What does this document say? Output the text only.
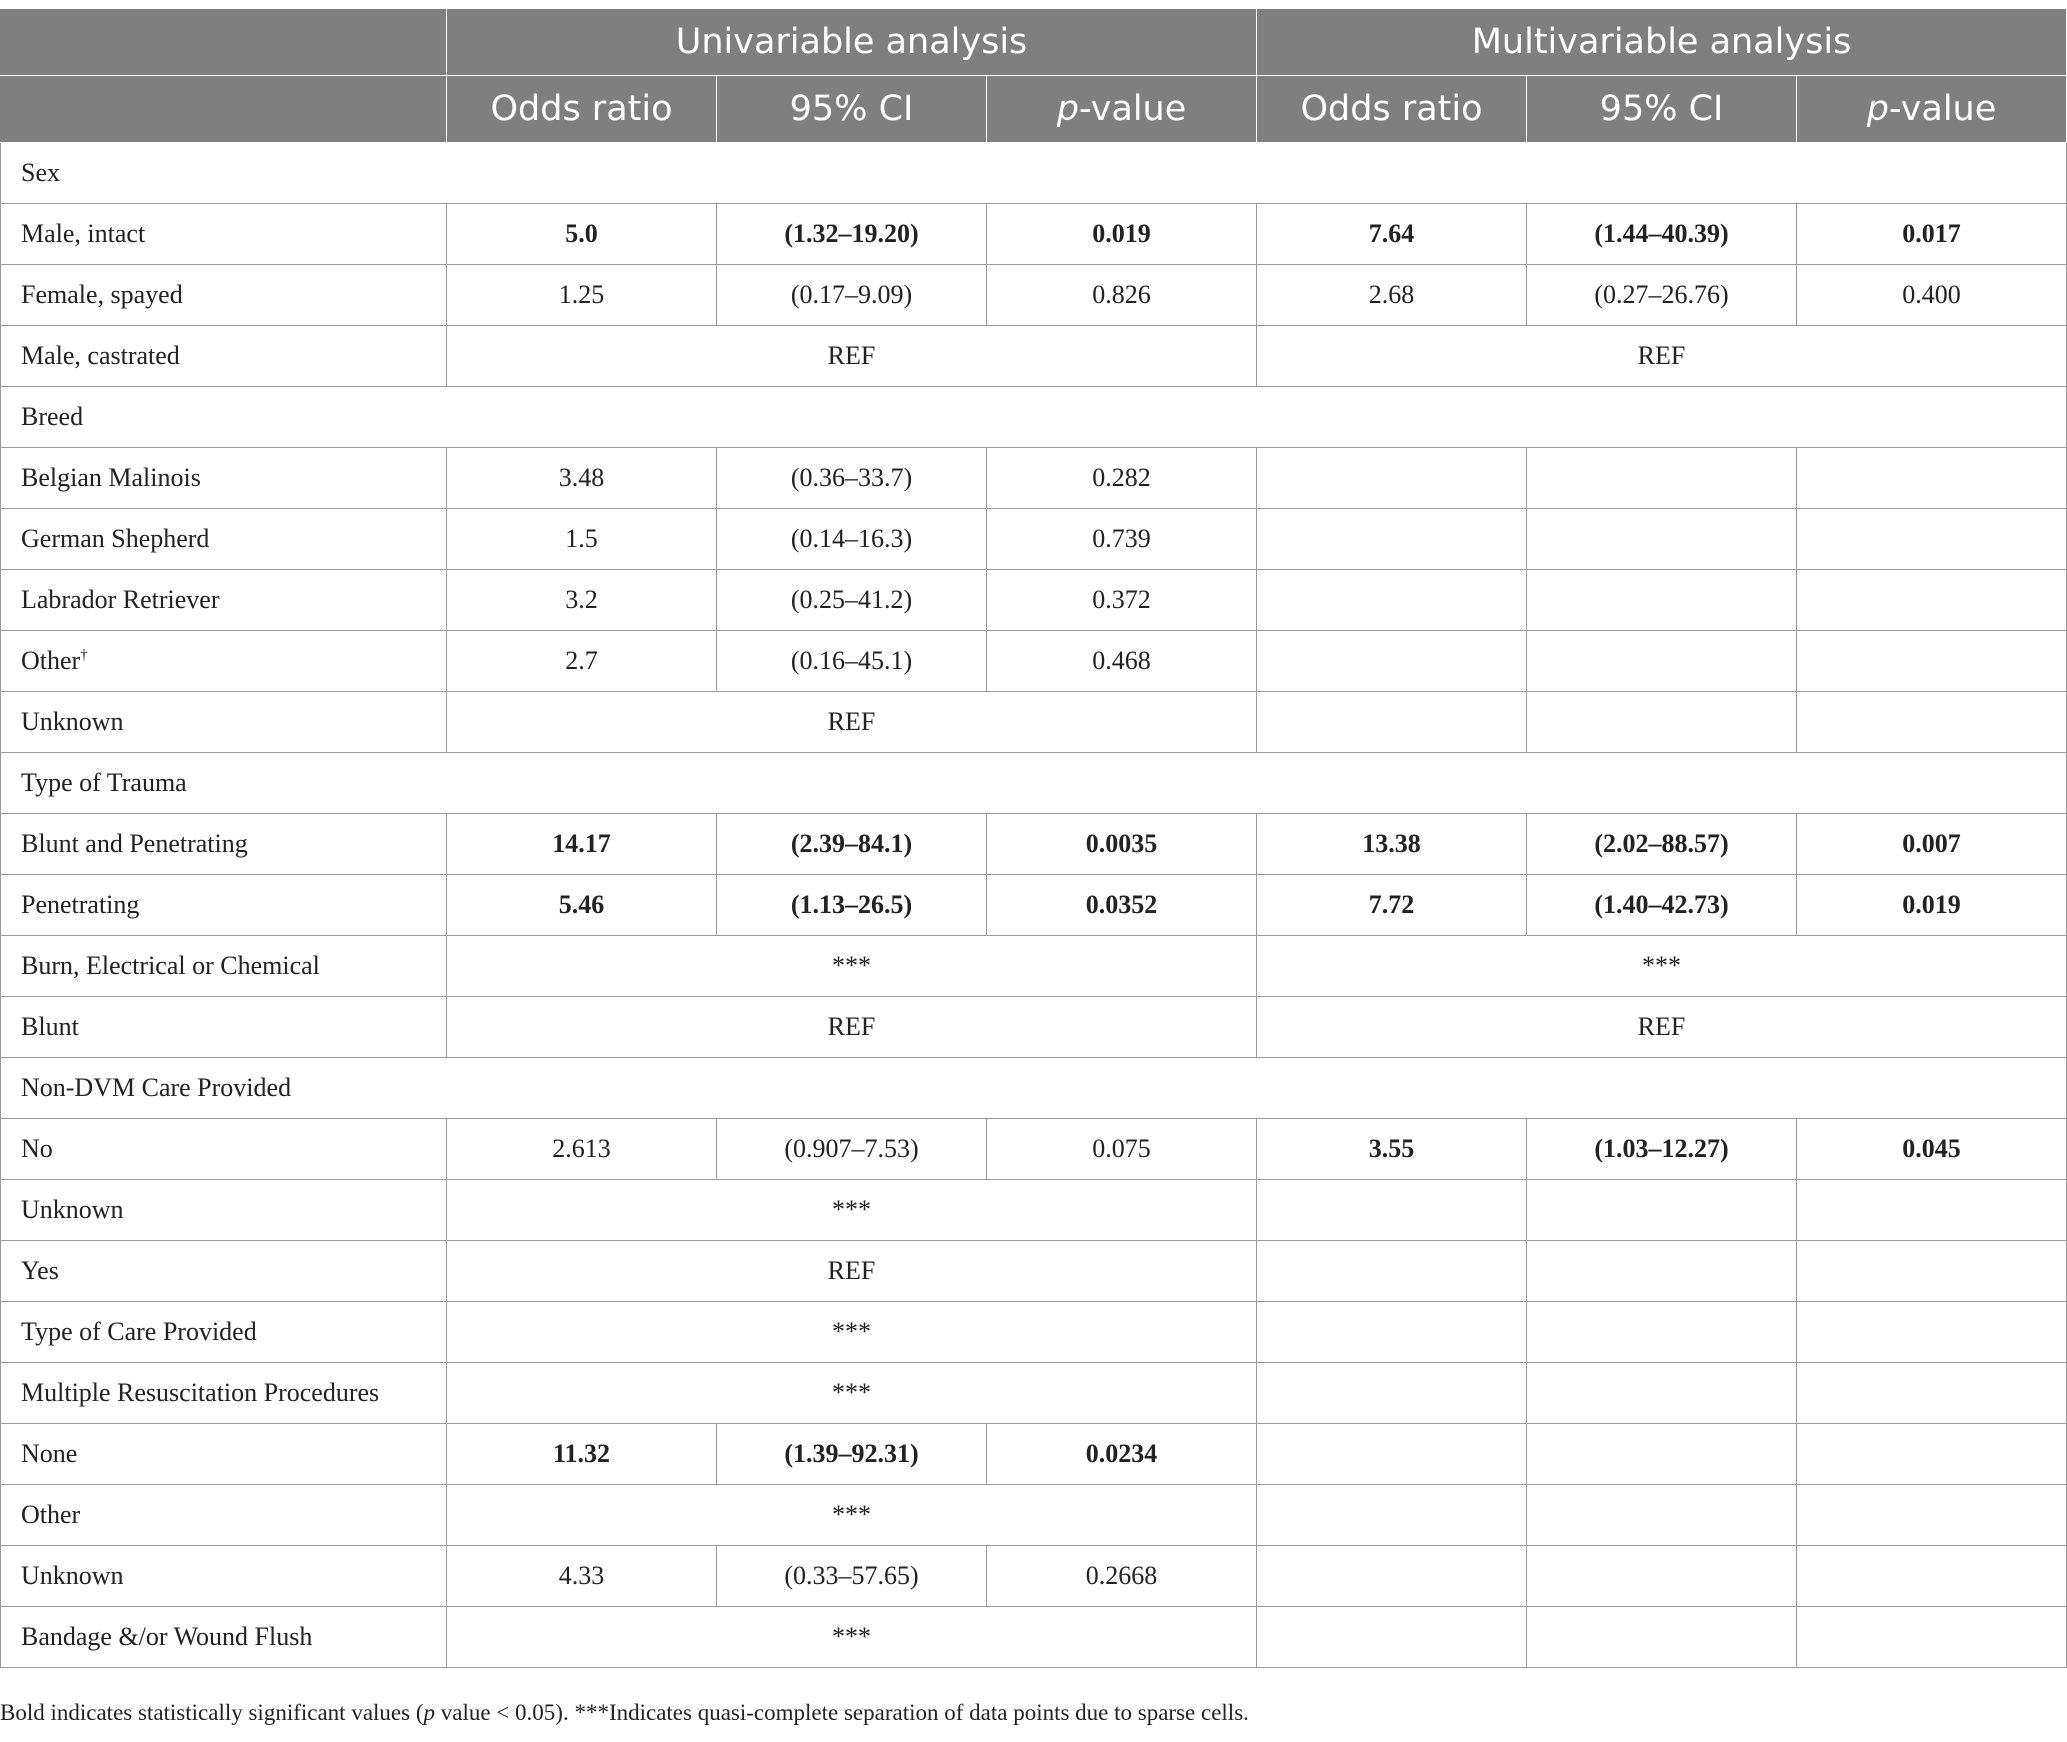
	Univariable analysis			Multivariable analysis		
	Odds ratio	95% CI	p-value	Odds ratio	95% CI	p-value
Sex						
Male, intact	5.0	(1.32–19.20)	0.019	7.64	(1.44–40.39)	0.017
Female, spayed	1.25	(0.17–9.09)	0.826	2.68	(0.27–26.76)	0.400
Male, castrated	REF			REF		
Breed						
Belgian Malinois	3.48	(0.36–33.7)	0.282			
German Shepherd	1.5	(0.14–16.3)	0.739			
Labrador Retriever	3.2	(0.25–41.2)	0.372			
Other†	2.7	(0.16–45.1)	0.468			
Unknown	REF					
Type of Trauma						
Blunt and Penetrating	14.17	(2.39–84.1)	0.0035	13.38	(2.02–88.57)	0.007
Penetrating	5.46	(1.13–26.5)	0.0352	7.72	(1.40–42.73)	0.019
Burn, Electrical or Chemical	***			***		
Blunt	REF			REF		
Non-DVM Care Provided						
No	2.613	(0.907–7.53)	0.075	3.55	(1.03–12.27)	0.045
Unknown	***					
Yes	REF					
Type of Care Provided	***					
Multiple Resuscitation Procedures	***					
None	11.32	(1.39–92.31)	0.0234			
Other	***					
Unknown	4.33	(0.33–57.65)	0.2668			
Bandage &/or Wound Flush	***					
Bold indicates statistically significant values (p value < 0.05). ***Indicates quasi-complete separation of data points due to sparse cells.
